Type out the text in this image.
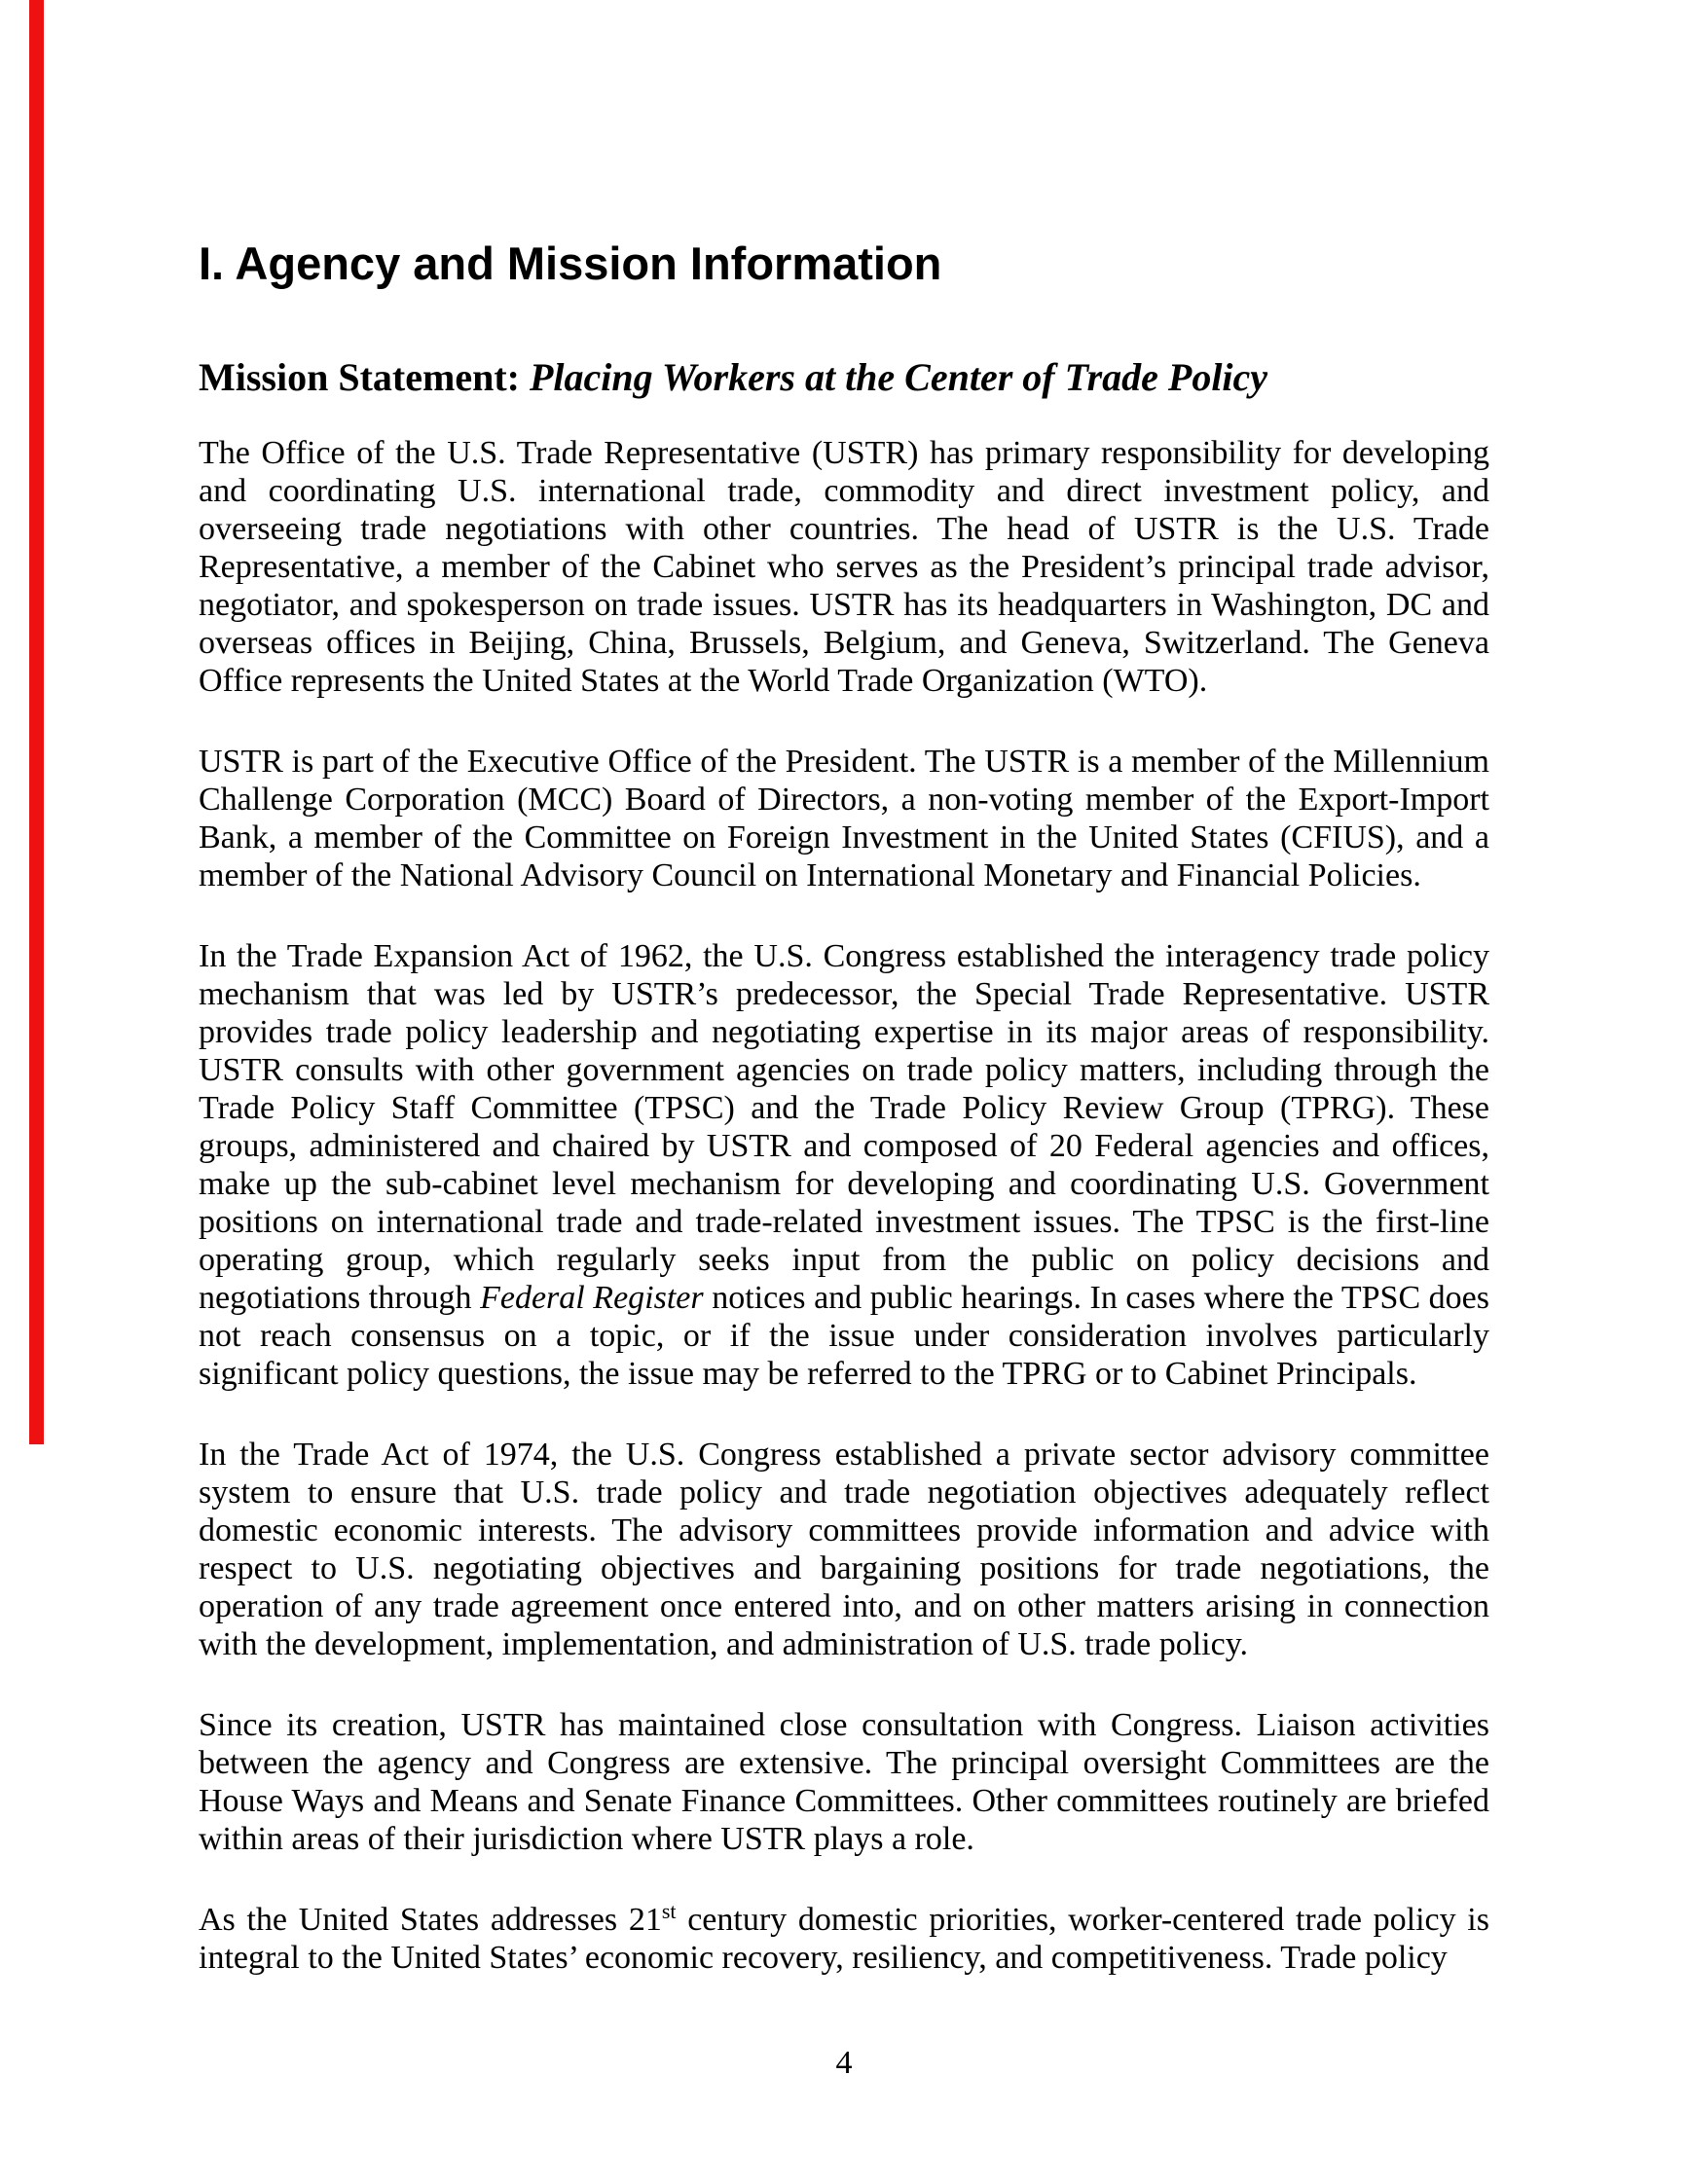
I. Agency and Mission Information
Mission Statement: Placing Workers at the Center of Trade Policy

The Office of the U.S. Trade Representative (USTR) has primary responsibility for developing and coordinating U.S. international trade, commodity and direct investment policy, and overseeing trade negotiations with other countries. The head of USTR is the U.S. Trade Representative, a member of the Cabinet who serves as the President’s principal trade advisor, negotiator, and spokesperson on trade issues. USTR has its headquarters in Washington, DC and overseas offices in Beijing, China, Brussels, Belgium, and Geneva, Switzerland. The Geneva Office represents the United States at the World Trade Organization (WTO).

USTR is part of the Executive Office of the President. The USTR is a member of the Millennium Challenge Corporation (MCC) Board of Directors, a non-voting member of the Export-Import Bank, a member of the Committee on Foreign Investment in the United States (CFIUS), and a member of the National Advisory Council on International Monetary and Financial Policies.

In the Trade Expansion Act of 1962, the U.S. Congress established the interagency trade policy mechanism that was led by USTR’s predecessor, the Special Trade Representative. USTR provides trade policy leadership and negotiating expertise in its major areas of responsibility. USTR consults with other government agencies on trade policy matters, including through the Trade Policy Staff Committee (TPSC) and the Trade Policy Review Group (TPRG). These groups, administered and chaired by USTR and composed of 20 Federal agencies and offices, make up the sub-cabinet level mechanism for developing and coordinating U.S. Government positions on international trade and trade-related investment issues. The TPSC is the first-line operating group, which regularly seeks input from the public on policy decisions and negotiations through Federal Register notices and public hearings. In cases where the TPSC does not reach consensus on a topic, or if the issue under consideration involves particularly significant policy questions, the issue may be referred to the TPRG or to Cabinet Principals.

In the Trade Act of 1974, the U.S. Congress established a private sector advisory committee system to ensure that U.S. trade policy and trade negotiation objectives adequately reflect domestic economic interests. The advisory committees provide information and advice with respect to U.S. negotiating objectives and bargaining positions for trade negotiations, the operation of any trade agreement once entered into, and on other matters arising in connection with the development, implementation, and administration of U.S. trade policy.

Since its creation, USTR has maintained close consultation with Congress. Liaison activities between the agency and Congress are extensive. The principal oversight Committees are the House Ways and Means and Senate Finance Committees. Other committees routinely are briefed within areas of their jurisdiction where USTR plays a role.

As the United States addresses 21st century domestic priorities, worker-centered trade policy is integral to the United States’ economic recovery, resiliency, and competitiveness. Trade policy

4
